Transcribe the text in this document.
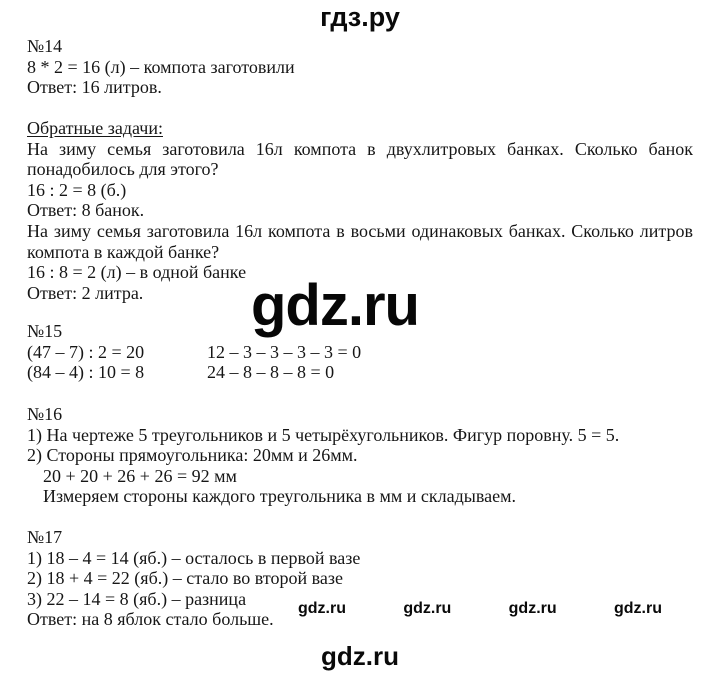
гдз.ру
№14
8 * 2 = 16 (л) – компота заготовили
Ответ: 16 литров.
Обратные задачи:
На зиму семья заготовила 16л компота в двухлитровых банках. Сколько банок
понадобилось для этого?
16 : 2 = 8 (б.)
Ответ: 8 банок.
На зиму семья заготовила 16л компота в восьми одинаковых банках. Сколько литров
компота в каждой банке?
16 : 8 = 2 (л) – в одной банке
Ответ: 2 литра.	gdz.ru
№15
(47 – 7) : 2 = 20	12 – 3 – 3 – 3 – 3 = 0
(84 – 4) : 10 = 8	24 – 8 – 8 – 8 = 0
№16
1) На чертеже 5 треугольников и 5 четырёхугольников. Фигур поровну. 5 = 5.
2) Стороны прямоугольника: 20мм и 26мм.
20 + 20 + 26 + 26 = 92 мм
Измеряем стороны каждого треугольника в мм и складываем.
№17
1) 18 – 4 = 14 (яб.) – осталось в первой вазе
2) 18 + 4 = 22 (яб.) – стало во второй вазе
3) 22 – 14 = 8 (яб.) – разница
Ответ: на 8 яблок стало больше.
gdz.ru	gdz.ru	gdz.ru	gdz.ru
gdz.ru
